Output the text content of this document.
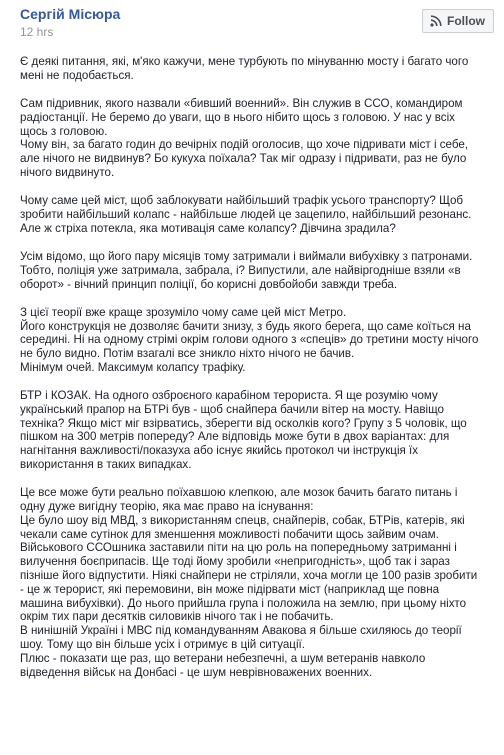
Сергій Місюра
12 hrs
Follow
Є деякі питання, які, м'яко кажучи, мене турбують по мінуванню мосту і багато чого
мені не подобається.
Сам підривник, якого назвали «бивший военний». Він служив в ССО, командиром
радіостанції. Не беремо до уваги, що в нього нібито щось з головою. У нас у всіх
щось з головою.
Чому він, за багато годин до вечірніх подій оголосив, що хоче підривати міст і себе,
але нічого не видвинув? Бо кукуха поїхала? Так міг одразу і підривати, раз не було
нічого видвинуто.
Чому саме цей міст, щоб заблокувати найбільший трафік усього транспорту? Щоб
зробити найбільший колапс - найбільше людей це зацепило, найбільший резонанс.
Але ж стріха потекла, яка мотивація саме колапсу? Дівчина зрадила?
Усім відомо, що його пару місяців тому затримали і виймали вибухівку з патронами.
Тобто, поліція уже затримала, забрала, і? Випустили, але найвіргодніше взяли «в
оборот» - вічний принцип поліції, бо корисні довбойоби завжди треба.
З цієї теорії вже краще зрозуміло чому саме цей міст Метро.
Його конструкція не дозволяє бачити знизу, з будь якого берега, що саме коїться на
середині. Ні на одному стрімі окрім голови одного з «спеців» до третини мосту нічого
не було видно. Потім взагалі все зникло ніхто нічого не бачив.
Мінімум очей. Максимум колапсу трафіку.
БТР і КОЗАК. На одного озброєного карабіном терориста. Я ще розумію чому
український прапор на БТРі був - щоб снайпера бачили вітер на мосту. Навіщо
техніка? Якщо міст міг взірватись, зберегти від осколків кого? Групу з 5 чоловік, що
пішком на 300 метрів попереду? Але відповідь може бути в двох варіантах: для
нагнітання важливості/показуха або існує якийсь протокол чи інструкція їх
використання в таких випадках.
Це все може бути реально поїхавшою клепкою, але мозок бачить багато питань і
одну дуже вигідну теорію, яка має право на існування:
Це було шоу від МВД, з використанням спецв, снайперів, собак, БТРів, катерів, які
чекали саме сутінок для зменшення можливості побачити щось зайвим очам.
Військового ССОшника заставили піти на цю роль на попередньому затриманні і
вилучення боєприпасів. Ще тоді йому зробили «непригодність», щоб так і зараз
пізніше його відпустити. Ніякі снайпери не стріляли, хоча могли це 100 разів зробити
- це ж терорист, які перемовини, він може підірвати міст (наприклад ще повна
машина вибухівки). До нього прийшла група і положила на землю, при цьому ніхто
окрім тих пари десятків силовиків нічого так і не побачить.
В нинішній Україні і МВС під командуванням Авакова я більше схиляюсь до теорії
шоу. Тому що він більше усіх і отримує в цій ситуації.
Плюс - показати ще раз, що ветерани небезпечні, а шум ветеранів навколо
відведення військ на Донбасі - це шум неврівноважених военних.
